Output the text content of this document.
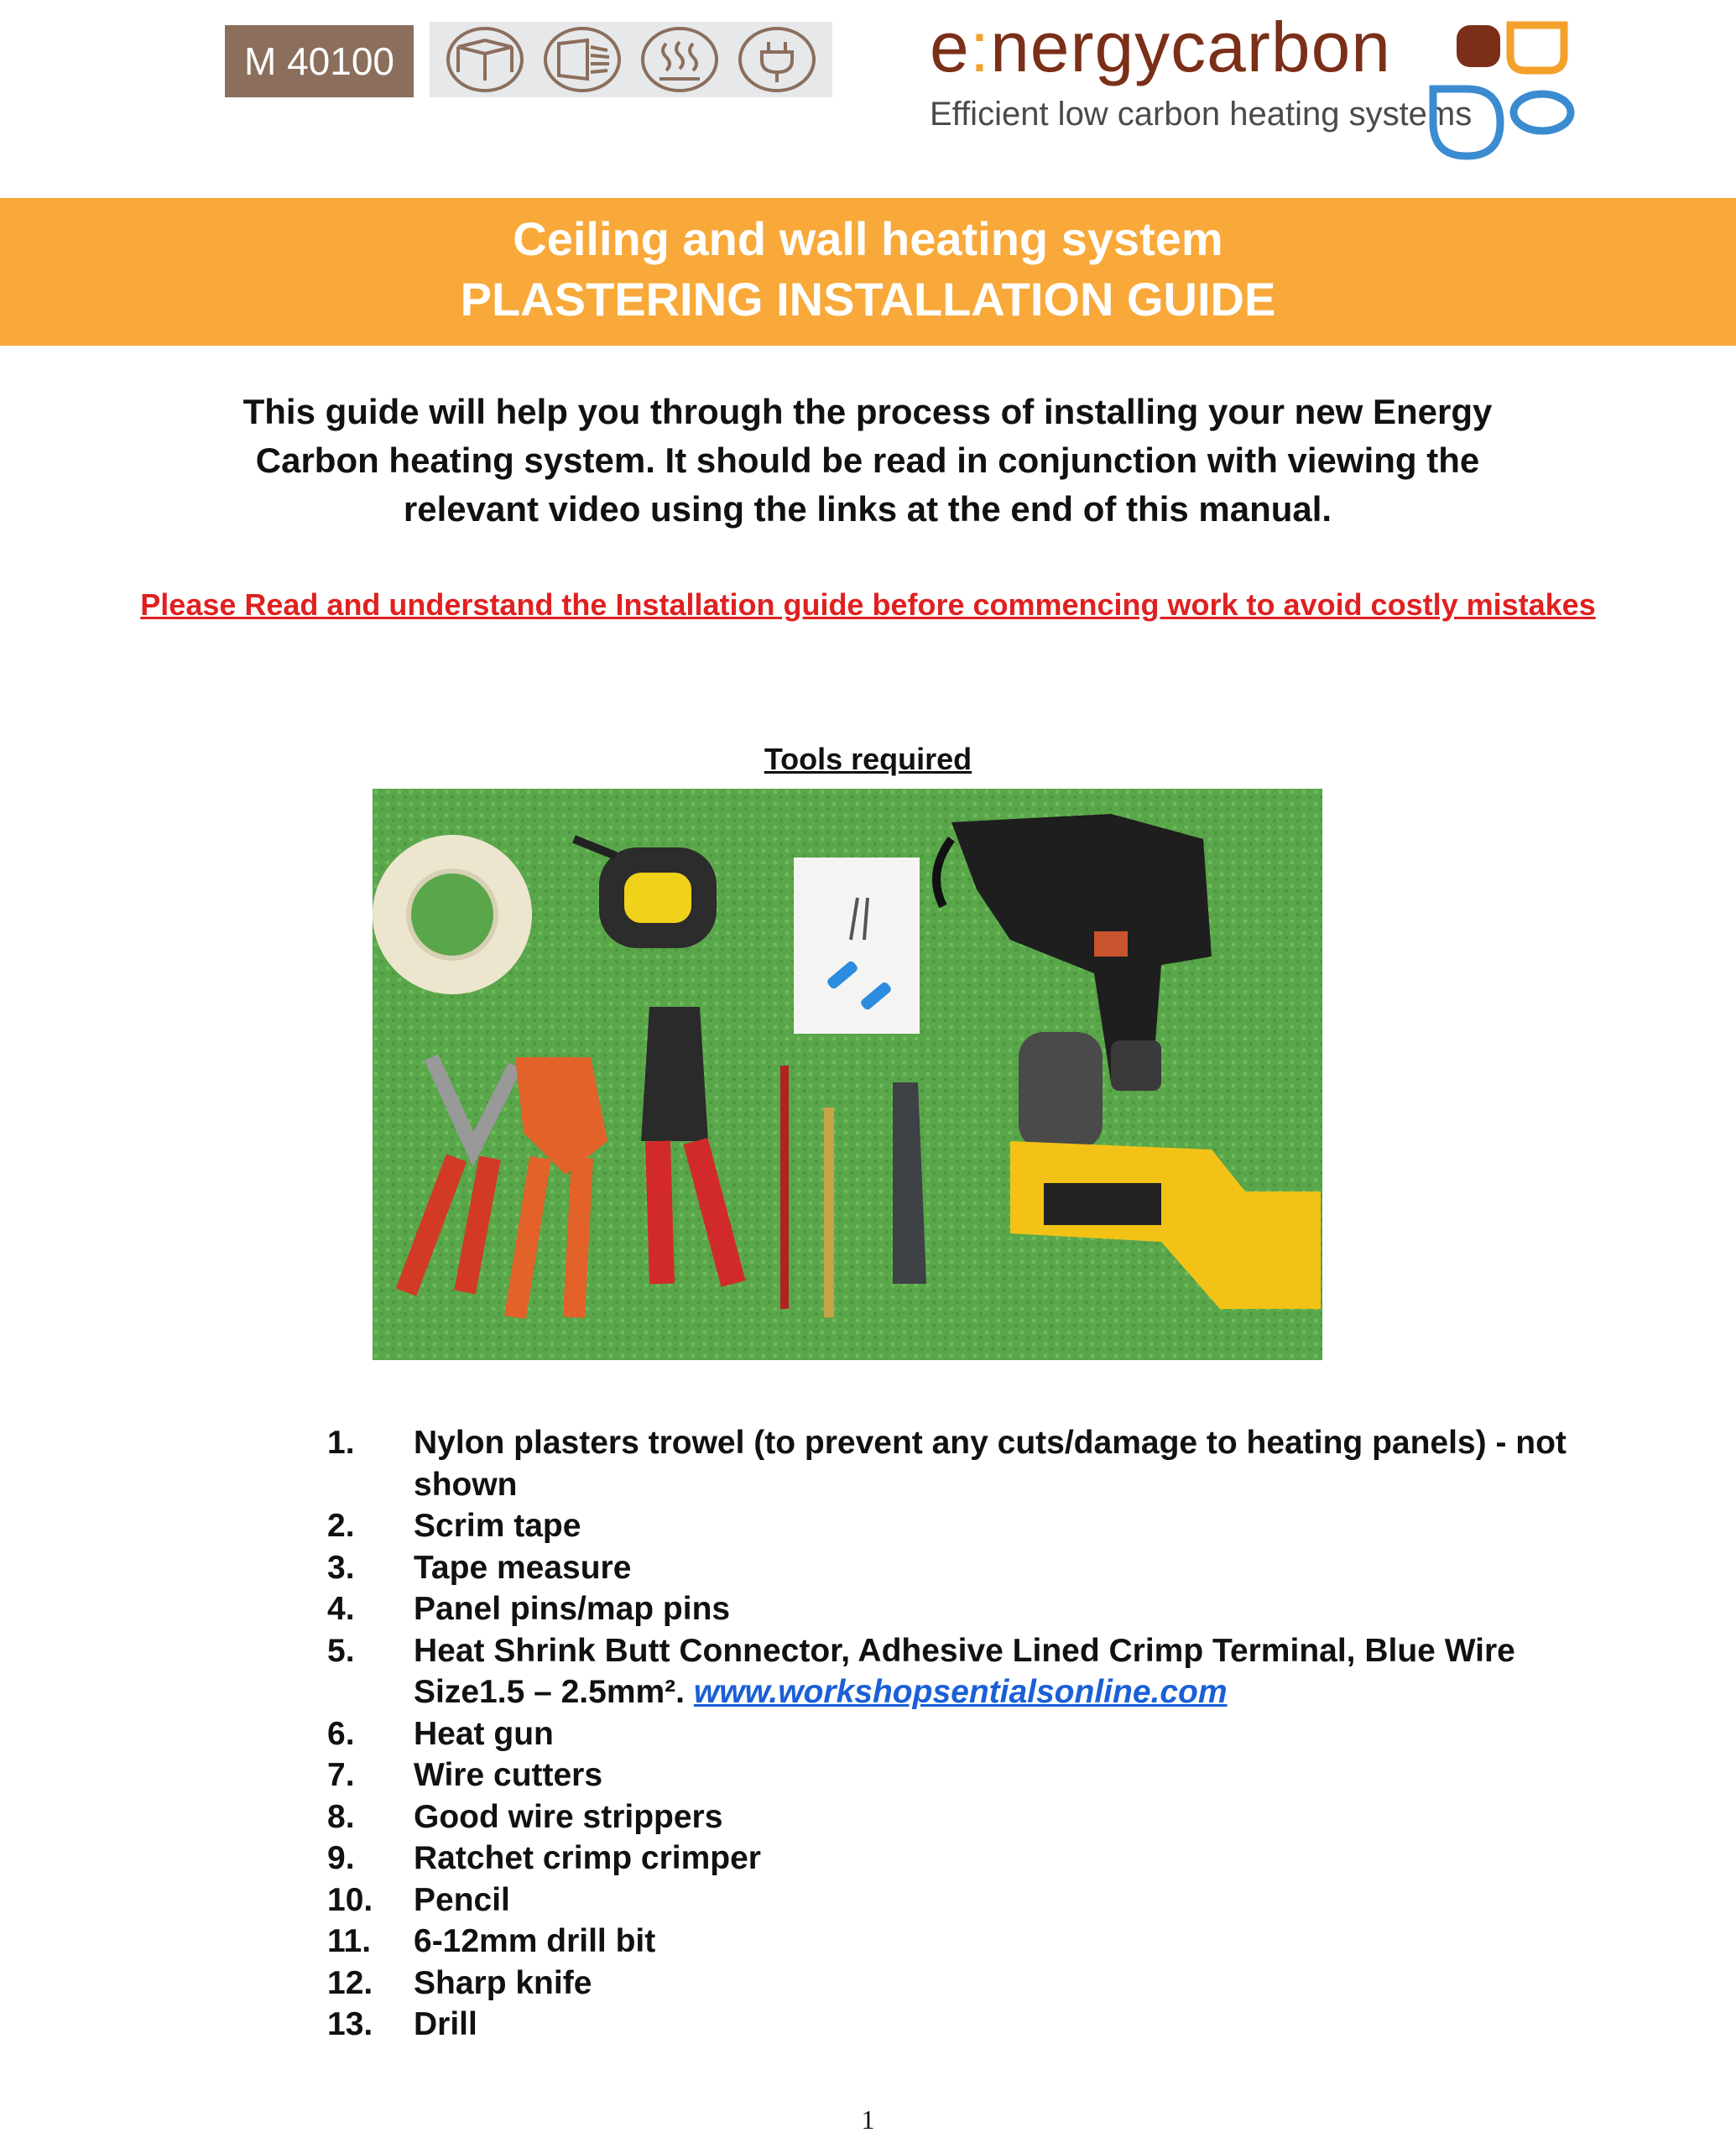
M 40100	e:nergycarbon
Efficient low carbon heating systems
Ceiling and wall heating system
PLASTERING INSTALLATION GUIDE
This guide will help you through the process of installing your new Energy Carbon heating system. It should be read in conjunction with viewing the relevant video using the links at the end of this manual.
Please Read and understand the Installation guide before commencing work to avoid costly mistakes
Tools required
1.	Nylon plasters trowel (to prevent any cuts/damage to heating panels) - not shown
2.	Scrim tape
3.	Tape measure
4.	Panel pins/map pins
5.	Heat Shrink Butt Connector, Adhesive Lined Crimp Terminal, Blue Wire Size1.5 – 2.5mm². www.workshopsentialsonline.com
6.	Heat gun
7.	Wire cutters
8.	Good wire strippers
9.	Ratchet crimp crimper
10.	Pencil
11.	6-12mm drill bit
12.	Sharp knife
13.	Drill
1
